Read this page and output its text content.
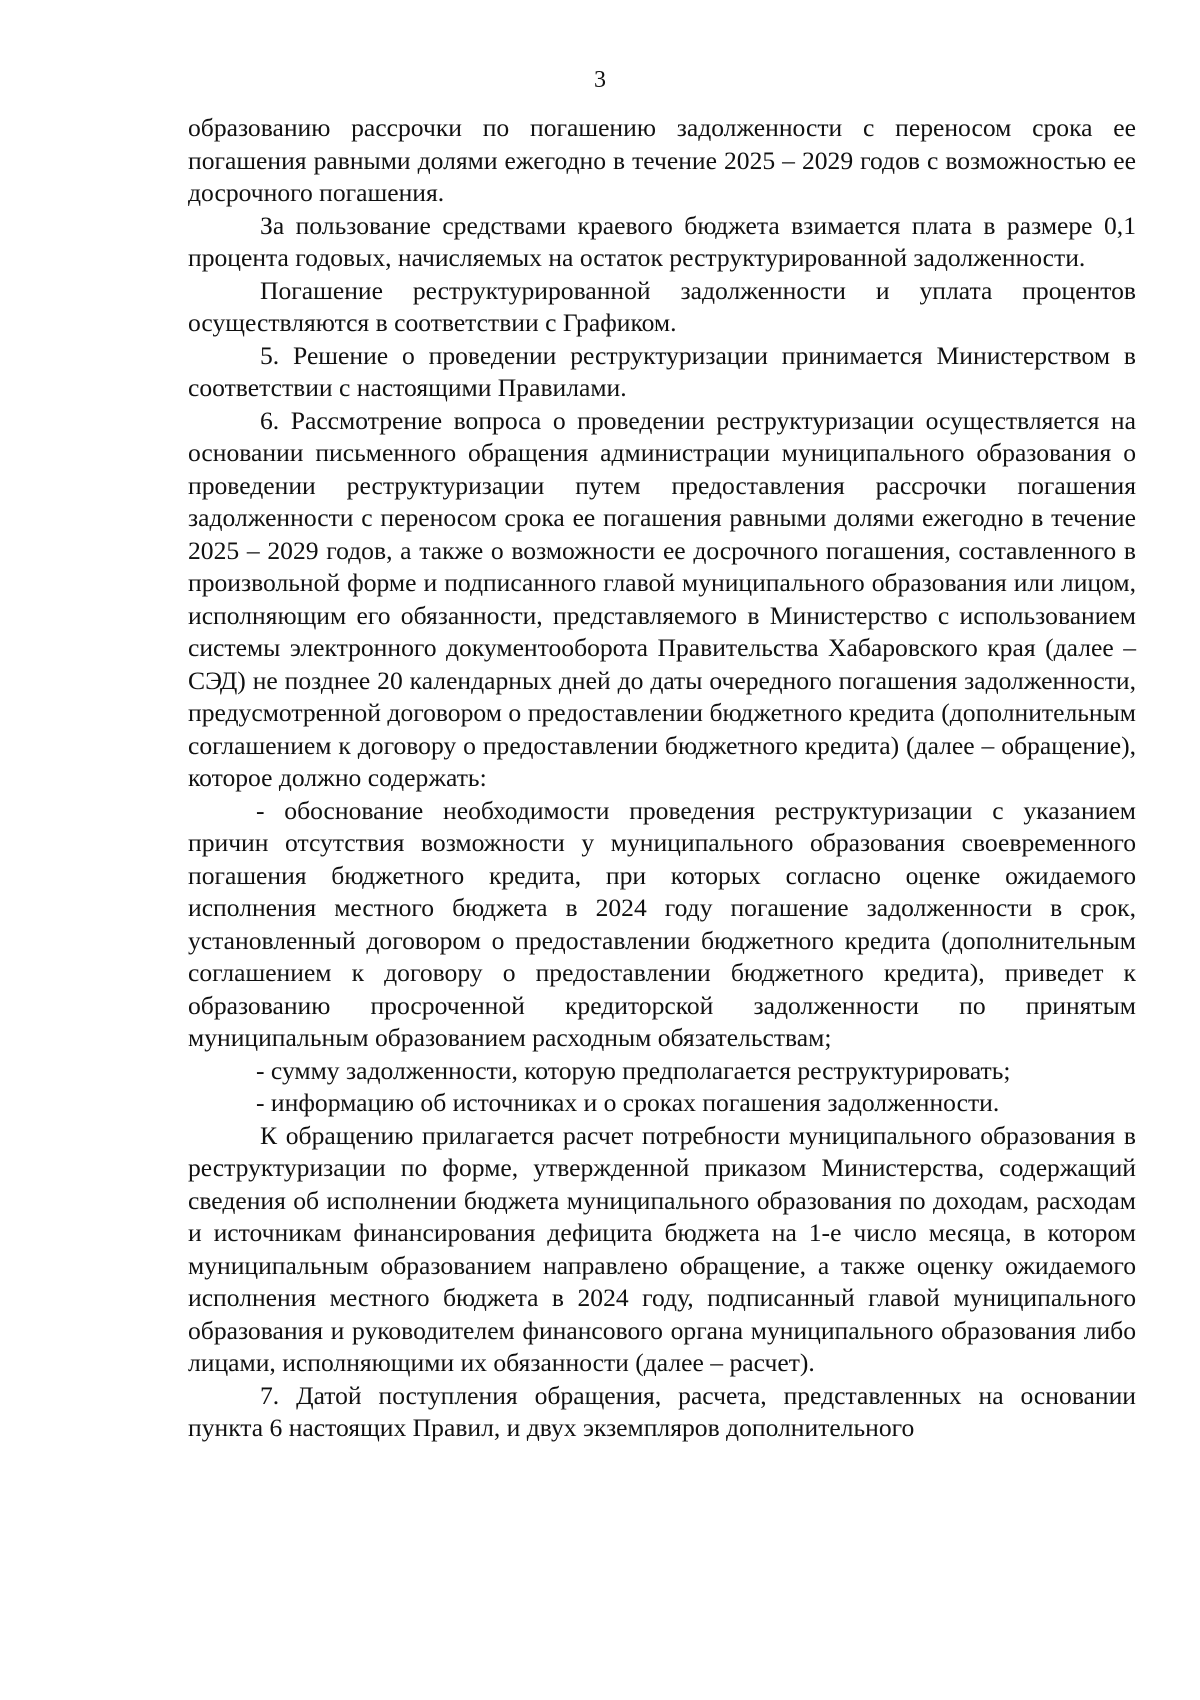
3

образованию рассрочки по погашению задолженности с переносом срока ее погашения равными долями ежегодно в течение 2025 – 2029 годов с возможностью ее досрочного погашения.

За пользование средствами краевого бюджета взимается плата в размере 0,1 процента годовых, начисляемых на остаток реструктурированной задолженности.

Погашение реструктурированной задолженности и уплата процентов осуществляются в соответствии с Графиком.

5. Решение о проведении реструктуризации принимается Министерством в соответствии с настоящими Правилами.

6. Рассмотрение вопроса о проведении реструктуризации осуществляется на основании письменного обращения администрации муниципального образования о проведении реструктуризации путем предоставления рассрочки погашения задолженности с переносом срока ее погашения равными долями ежегодно в течение 2025 – 2029 годов, а также о возможности ее досрочного погашения, составленного в произвольной форме и подписанного главой муниципального образования или лицом, исполняющим его обязанности, представляемого в Министерство с использованием системы электронного документооборота Правительства Хабаровского края (далее – СЭД) не позднее 20 календарных дней до даты очередного погашения задолженности, предусмотренной договором о предоставлении бюджетного кредита (дополнительным соглашением к договору о предоставлении бюджетного кредита) (далее – обращение), которое должно содержать:

- обоснование необходимости проведения реструктуризации с указанием причин отсутствия возможности у муниципального образования своевременного погашения бюджетного кредита, при которых согласно оценке ожидаемого исполнения местного бюджета в 2024 году погашение задолженности в срок, установленный договором о предоставлении бюджетного кредита (дополнительным соглашением к договору о предоставлении бюджетного кредита), приведет к образованию просроченной кредиторской задолженности по принятым муниципальным образованием расходным обязательствам;

- сумму задолженности, которую предполагается реструктурировать;

- информацию об источниках и о сроках погашения задолженности.

К обращению прилагается расчет потребности муниципального образования в реструктуризации по форме, утвержденной приказом Министерства, содержащий сведения об исполнении бюджета муниципального образования по доходам, расходам и источникам финансирования дефицита бюджета на 1-е число месяца, в котором муниципальным образованием направлено обращение, а также оценку ожидаемого исполнения местного бюджета в 2024 году, подписанный главой муниципального образования и руководителем финансового органа муниципального образования либо лицами, исполняющими их обязанности (далее – расчет).

7. Датой поступления обращения, расчета, представленных на основании пункта 6 настоящих Правил, и двух экземпляров дополнительного
